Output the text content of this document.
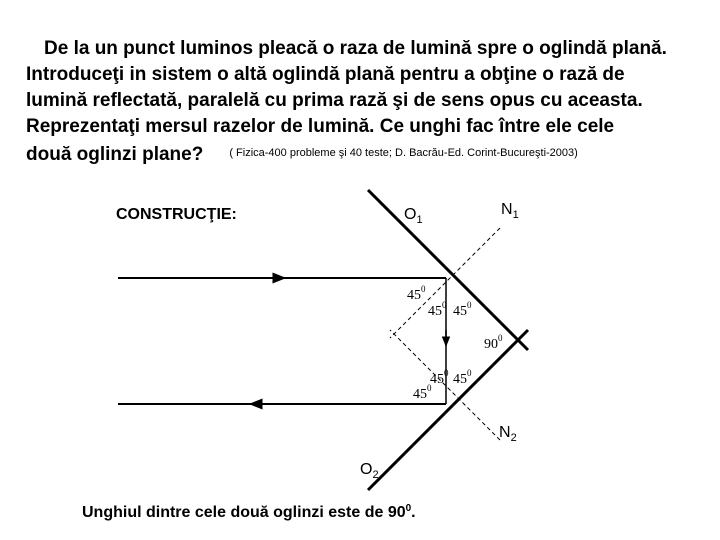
De la un punct luminos pleacă o raza de lumină spre o oglindă plană.
Introduceţi in sistem o altă oglindă plană pentru a obţine o rază de
lumină reflectată, paralelă cu prima rază şi de sens opus cu aceasta.
Reprezentaţi mersul razelor de lumină. Ce unghi fac între ele cele
două oglinzi plane? $^{( Fizica-400 probleme şi 40 teste; D. Bacrău-Ed. Corint-Bucureşti-2003)}$
CONSTRUCŢIE:	$O_1$
$N_1$
$N_2$
$O_2$
$45^0$
$45^0$ $45^0$
$90^0$
$45^0$ $45^0$
$45^0$
Unghiul dintre cele două oglinzi este de $90^0$.
